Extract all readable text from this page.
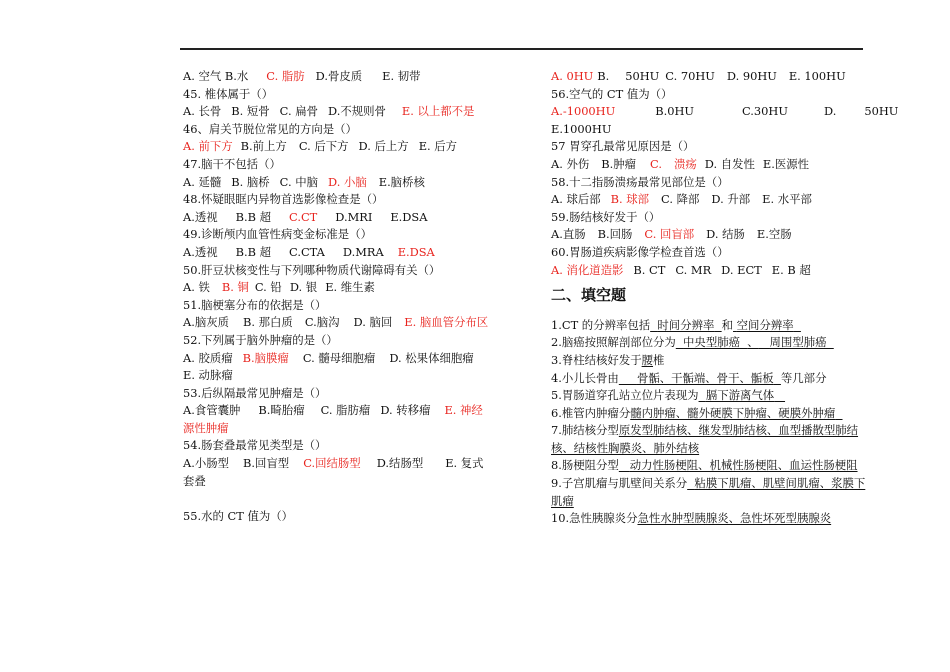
A. 空气 B.水 C. 脂肪 D.骨皮质 E. 韧带
45. 椎体属于（）
A. 长骨 B. 短骨 C. 扁骨 D.不规则骨 E. 以上都不是
46、肩关节脱位常见的方向是（）
A. 前下方 B.前上方 C. 后下方 D. 后上方 E. 后方
47.脑干不包括（）
A. 延髓 B. 脑桥 C. 中脑 D. 小脑 E.脑桥核
48.怀疑眼眶内异物首选影像检查是（）
A.透视 B.B 超 C.CT D.MRI E.DSA
49.诊断颅内血管性病变金标准是（）
A.透视 B.B 超 C.CTA D.MRA E.DSA
50.肝豆状核变性与下列哪种物质代谢障碍有关（）
A. 铁 B. 铜 C. 铅 D. 银 E. 维生素
51.脑梗塞分布的依据是（）
A.脑灰质 B. 那白质 C.脑沟 D. 脑回 E. 脑血管分布区
52.下列属于脑外肿瘤的是（）
A. 胶质瘤 B.脑膜瘤 C. 髓母细胞瘤 D. 松果体细胞瘤E. 动脉瘤
53.后纵隔最常见肿瘤是（）
A.食管囊肿 B.畸胎瘤 C. 脂肪瘤 D. 转移瘤 E. 神经源性肿瘤
54.肠套叠最常见类型是（）
A.小肠型 B.回盲型 C.回结肠型 D.结肠型 E. 复式套叠
55.水的 CT 值为（）
A. 0HU B. 50HU C. 70HU D. 90HU E. 100HU
56.空气的 CT 值为（）
A.-1000HU	B.0HU	C.30HU	D. 50HU
E.1000HU
57 胃穿孔最常见原因是（）
A. 外伤 B.肿瘤 C. 溃疡 D. 自发性 E.医源性
58.十二指肠溃疡最常见部位是（）
A. 球后部 B. 球部 C. 降部 D. 升部 E. 水平部
59.肠结核好发于（）
A.直肠 B.回肠 C. 回盲部 D. 结肠 E.空肠
60.胃肠道疾病影像学检查首选（）
A. 消化道造影 B. CT C. MR D. ECT E. B 超
二、填空题
1.CT 的分辨率包括 时间分辨率 和 空间分辨率
2.脑癌按照解剖部位分为 中央型肺癌 、 周围型肺癌
3.脊柱结核好发于腰椎
4.小儿长骨由 骨骺、干骺端、骨干、骺板 等几部分
5.胃肠道穿孔站立位片表现为 膈下游离气体
6.椎管内肿瘤分髓内肿瘤、髓外硬膜下肿瘤、硬膜外肿瘤
7.肺结核分型原发型肺结核、继发型肺结核、血型播散型肺结核、结核性胸膜炎、肺外结核
8.肠梗阻分型 动力性肠梗阻、机械性肠梗阻、血运性肠梗阻
9.子宫肌瘤与肌壁间关系分 粘膜下肌瘤、肌壁间肌瘤、浆膜下肌瘤
10.急性胰腺炎分急性水肿型胰腺炎、急性坏死型胰腺炎
